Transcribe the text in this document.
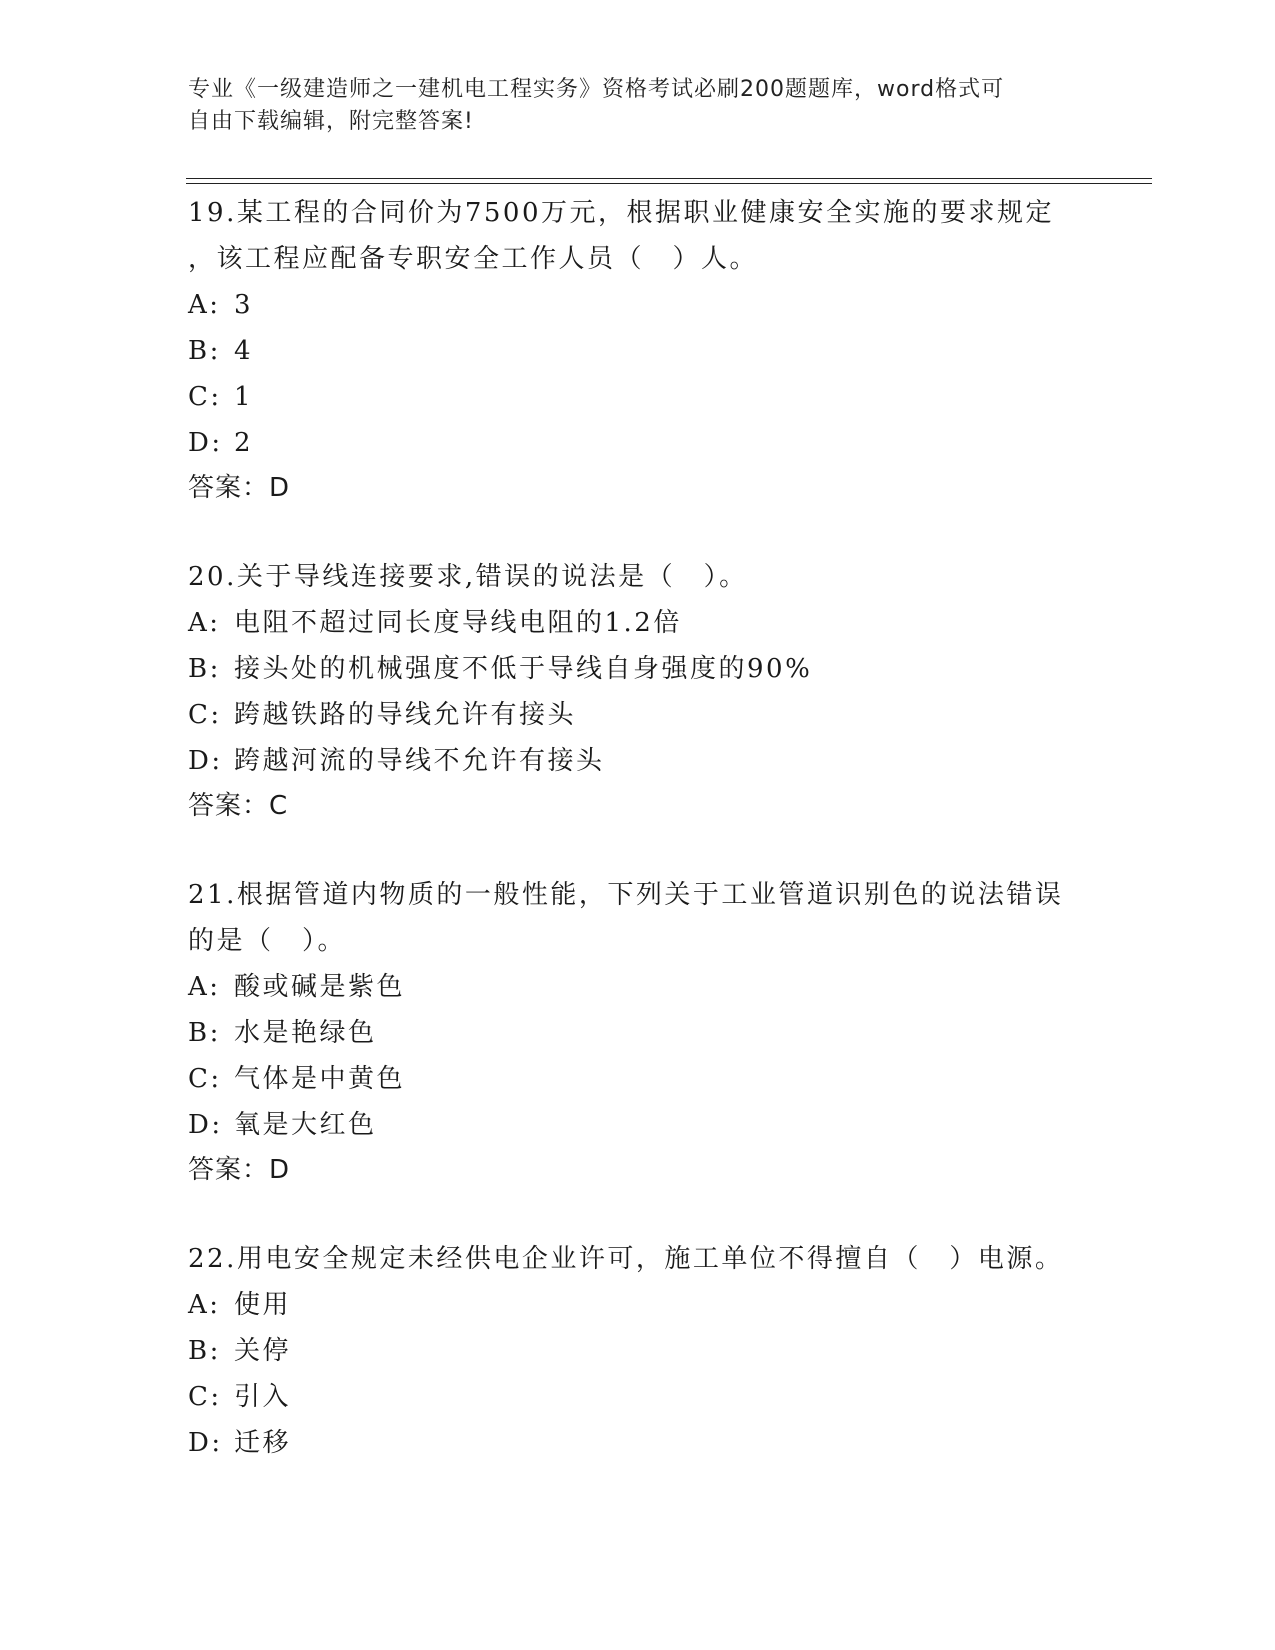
专业《一级建造师之一建机电工程实务》资格考试必刷200题题库，word格式可
自由下载编辑，附完整答案!
19.某工程的合同价为7500万元，根据职业健康安全实施的要求规定
，该工程应配备专职安全工作人员（　）人。
A: 3
B: 4
C: 1
D: 2
答案：D
20.关于导线连接要求,错误的说法是（　）。
A: 电阻不超过同长度导线电阻的1.2倍
B: 接头处的机械强度不低于导线自身强度的90%
C: 跨越铁路的导线允许有接头
D: 跨越河流的导线不允许有接头
答案：C
21.根据管道内物质的一般性能，下列关于工业管道识别色的说法错误
的是（　）。
A: 酸或碱是紫色
B: 水是艳绿色
C: 气体是中黄色
D: 氧是大红色
答案：D
22.用电安全规定未经供电企业许可，施工单位不得擅自（　）电源。
A: 使用
B: 关停
C: 引入
D: 迁移
